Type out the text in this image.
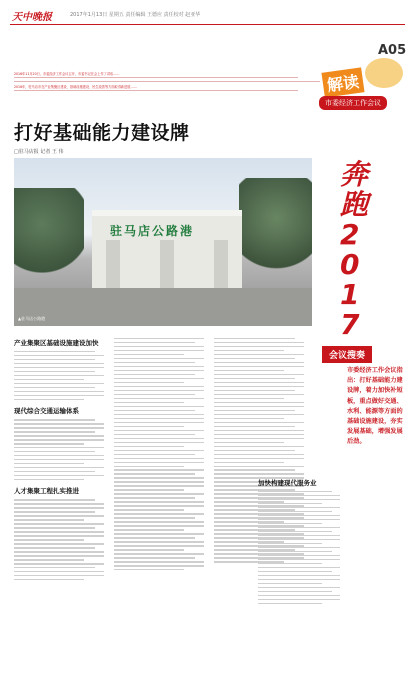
天中晚报	2017年1月13日 星期五 责任编辑 王德应 责任校对 赵亚华
A05
2016年11月20日，市委经济工作会议召开，市委书记在会上作了讲话……
2016年，驻马店市在产业集聚区建设、基础设施建设、民生改善等方面取得新进展……	解读
市委经济工作会议
打好基础能力建设牌
□驻马店报 记者 王 伟
驻马店公路港
▲驻马店公路港
奔跑2017
会议搜奏
市委经济工作会议指出：打好基础能力建设牌，着力加快补短板，重点做好交通、水利、能源等方面的基础设施建设，夯实发展基础，增强发展后劲。
产业集聚区基础设施建设加快
现代综合交通运输体系
人才集聚工程扎实推进
加快构建现代服务业
